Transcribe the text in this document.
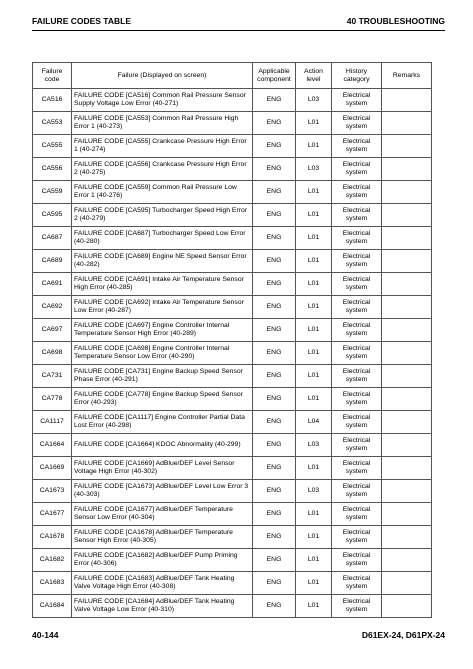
FAILURE CODES TABLE	40 TROUBLESHOOTING
Failure code	Failure (Displayed on screen)	Applicable component	Action level	History category	Remarks
CA516	FAILURE CODE [CA516] Common Rail Pressure Sensor Supply Voltage Low Error (40-271)	ENG	L03	Electrical system	
CA553	FAILURE CODE [CA553] Common Rail Pressure High Error 1 (40-273)	ENG	L01	Electrical system	
CA555	FAILURE CODE [CA555] Crankcase Pressure High Error 1 (40-274)	ENG	L01	Electrical system	
CA556	FAILURE CODE [CA556] Crankcase Pressure High Error 2 (40-275)	ENG	L03	Electrical system	
CA559	FAILURE CODE [CA559] Common Rail Pressure Low Error 1 (40-276)	ENG	L01	Electrical system	
CA595	FAILURE CODE [CA595] Turbocharger Speed High Error 2 (40-279)	ENG	L01	Electrical system	
CA687	FAILURE CODE [CA687] Turbocharger Speed Low Error (40-280)	ENG	L01	Electrical system	
CA689	FAILURE CODE [CA689] Engine NE Speed Sensor Error (40-282)	ENG	L01	Electrical system	
CA691	FAILURE CODE [CA691] Intake Air Temperature Sensor High Error (40-285)	ENG	L01	Electrical system	
CA692	FAILURE CODE [CA692] Intake Air Temperature Sensor Low Error (40-287)	ENG	L01	Electrical system	
CA697	FAILURE CODE [CA697] Engine Controller Internal Temperature Sensor High Error (40-289)	ENG	L01	Electrical system	
CA698	FAILURE CODE [CA698] Engine Controller Internal Temperature Sensor Low Error (40-290)	ENG	L01	Electrical system	
CA731	FAILURE CODE [CA731] Engine Backup Speed Sensor Phase Error (40-291)	ENG	L01	Electrical system	
CA778	FAILURE CODE [CA778] Engine Backup Speed Sensor Error (40-293)	ENG	L01	Electrical system	
CA1117	FAILURE CODE [CA1117] Engine Controller Partial Data Lost Error (40-298)	ENG	L04	Electrical system	
CA1664	FAILURE CODE [CA1664] KDOC Abnormality (40-299)	ENG	L03	Electrical system	
CA1669	FAILURE CODE [CA1669] AdBlue/DEF Level Sensor Voltage High Error (40-302)	ENG	L01	Electrical system	
CA1673	FAILURE CODE [CA1673] AdBlue/DEF Level Low Error 3 (40-303)	ENG	L03	Electrical system	
CA1677	FAILURE CODE [CA1677] AdBlue/DEF Temperature Sensor Low Error (40-304)	ENG	L01	Electrical system	
CA1678	FAILURE CODE [CA1678] AdBlue/DEF Temperature Sensor High Error (40-305)	ENG	L01	Electrical system	
CA1682	FAILURE CODE [CA1682] AdBlue/DEF Pump Priming Error (40-306)	ENG	L01	Electrical system	
CA1683	FAILURE CODE [CA1683] AdBlue/DEF Tank Heating Valve Voltage High Error (40-308)	ENG	L01	Electrical system	
CA1684	FAILURE CODE [CA1684] AdBlue/DEF Tank Heating Valve Voltage Low Error (40-310)	ENG	L01	Electrical system	
40-144	D61EX-24, D61PX-24
